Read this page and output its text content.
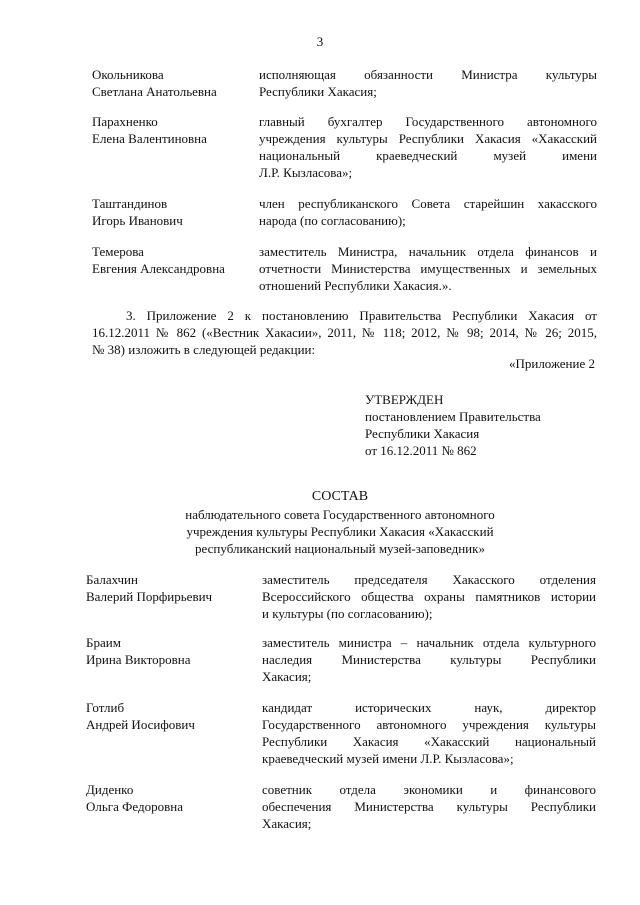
3
Окольникова
Светлана Анатольевна
исполняющая обязанности Министра культуры
Республики Хакасия;
Парахненко
Елена Валентиновна
главный бухгалтер Государственного автономного
учреждения культуры Республики Хакасия «Хакасский
национальный краеведческий музей имени
Л.Р. Кызласова»;
Таштандинов
Игорь Иванович
член республиканского Совета старейшин хакасского
народа (по согласованию);
Темерова
Евгения Александровна
заместитель Министра, начальник отдела финансов и
отчетности Министерства имущественных и земельных
отношений Республики Хакасия.».
3. Приложение 2 к постановлению Правительства Республики Хакасия от
16.12.2011 № 862 («Вестник Хакасии», 2011, № 118; 2012, № 98; 2014, № 26; 2015,
№ 38) изложить в следующей редакции:
«Приложение 2
УТВЕРЖДЕН
постановлением Правительства
Республики Хакасия
от 16.12.2011 № 862
СОСТАВ
наблюдательного совета Государственного автономного
учреждения культуры Республики Хакасия «Хакасский
республиканский национальный музей-заповедник»
Балахчин
Валерий Порфирьевич
заместитель председателя Хакасского отделения
Всероссийского общества охраны памятников истории
и культуры (по согласованию);
Браим
Ирина Викторовна
заместитель министра – начальник отдела культурного
наследия Министерства культуры Республики
Хакасия;
Готлиб
Андрей Иосифович
кандидат исторических наук, директор
Государственного автономного учреждения культуры
Республики Хакасия «Хакасский национальный
краеведческий музей имени Л.Р. Кызласова»;
Диденко
Ольга Федоровна
советник отдела экономики и финансового
обеспечения Министерства культуры Республики
Хакасия;
